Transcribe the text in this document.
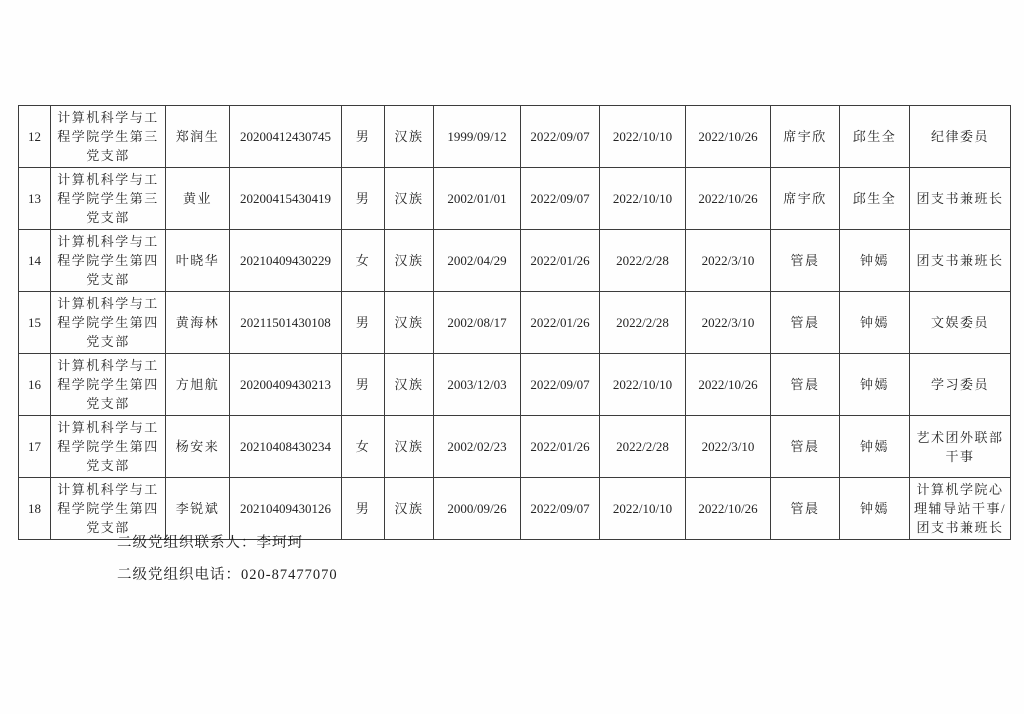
12	计算机科学与工程学院学生第三党支部	郑润生	20200412430745	男	汉族	1999/09/12	2022/09/07	2022/10/10	2022/10/26	席宇欣	邱生全	纪律委员
13	计算机科学与工程学院学生第三党支部	黄业	20200415430419	男	汉族	2002/01/01	2022/09/07	2022/10/10	2022/10/26	席宇欣	邱生全	团支书兼班长
14	计算机科学与工程学院学生第四党支部	叶晓华	20210409430229	女	汉族	2002/04/29	2022/01/26	2022/2/28	2022/3/10	管晨	钟嫣	团支书兼班长
15	计算机科学与工程学院学生第四党支部	黄海林	20211501430108	男	汉族	2002/08/17	2022/01/26	2022/2/28	2022/3/10	管晨	钟嫣	文娱委员
16	计算机科学与工程学院学生第四党支部	方旭航	20200409430213	男	汉族	2003/12/03	2022/09/07	2022/10/10	2022/10/26	管晨	钟嫣	学习委员
17	计算机科学与工程学院学生第四党支部	杨安来	20210408430234	女	汉族	2002/02/23	2022/01/26	2022/2/28	2022/3/10	管晨	钟嫣	艺术团外联部干事
18	计算机科学与工程学院学生第四党支部	李锐斌	20210409430126	男	汉族	2000/09/26	2022/09/07	2022/10/10	2022/10/26	管晨	钟嫣	计算机学院心理辅导站干事/团支书兼班长
二级党组织联系人：李珂珂
二级党组织电话：020-87477070
